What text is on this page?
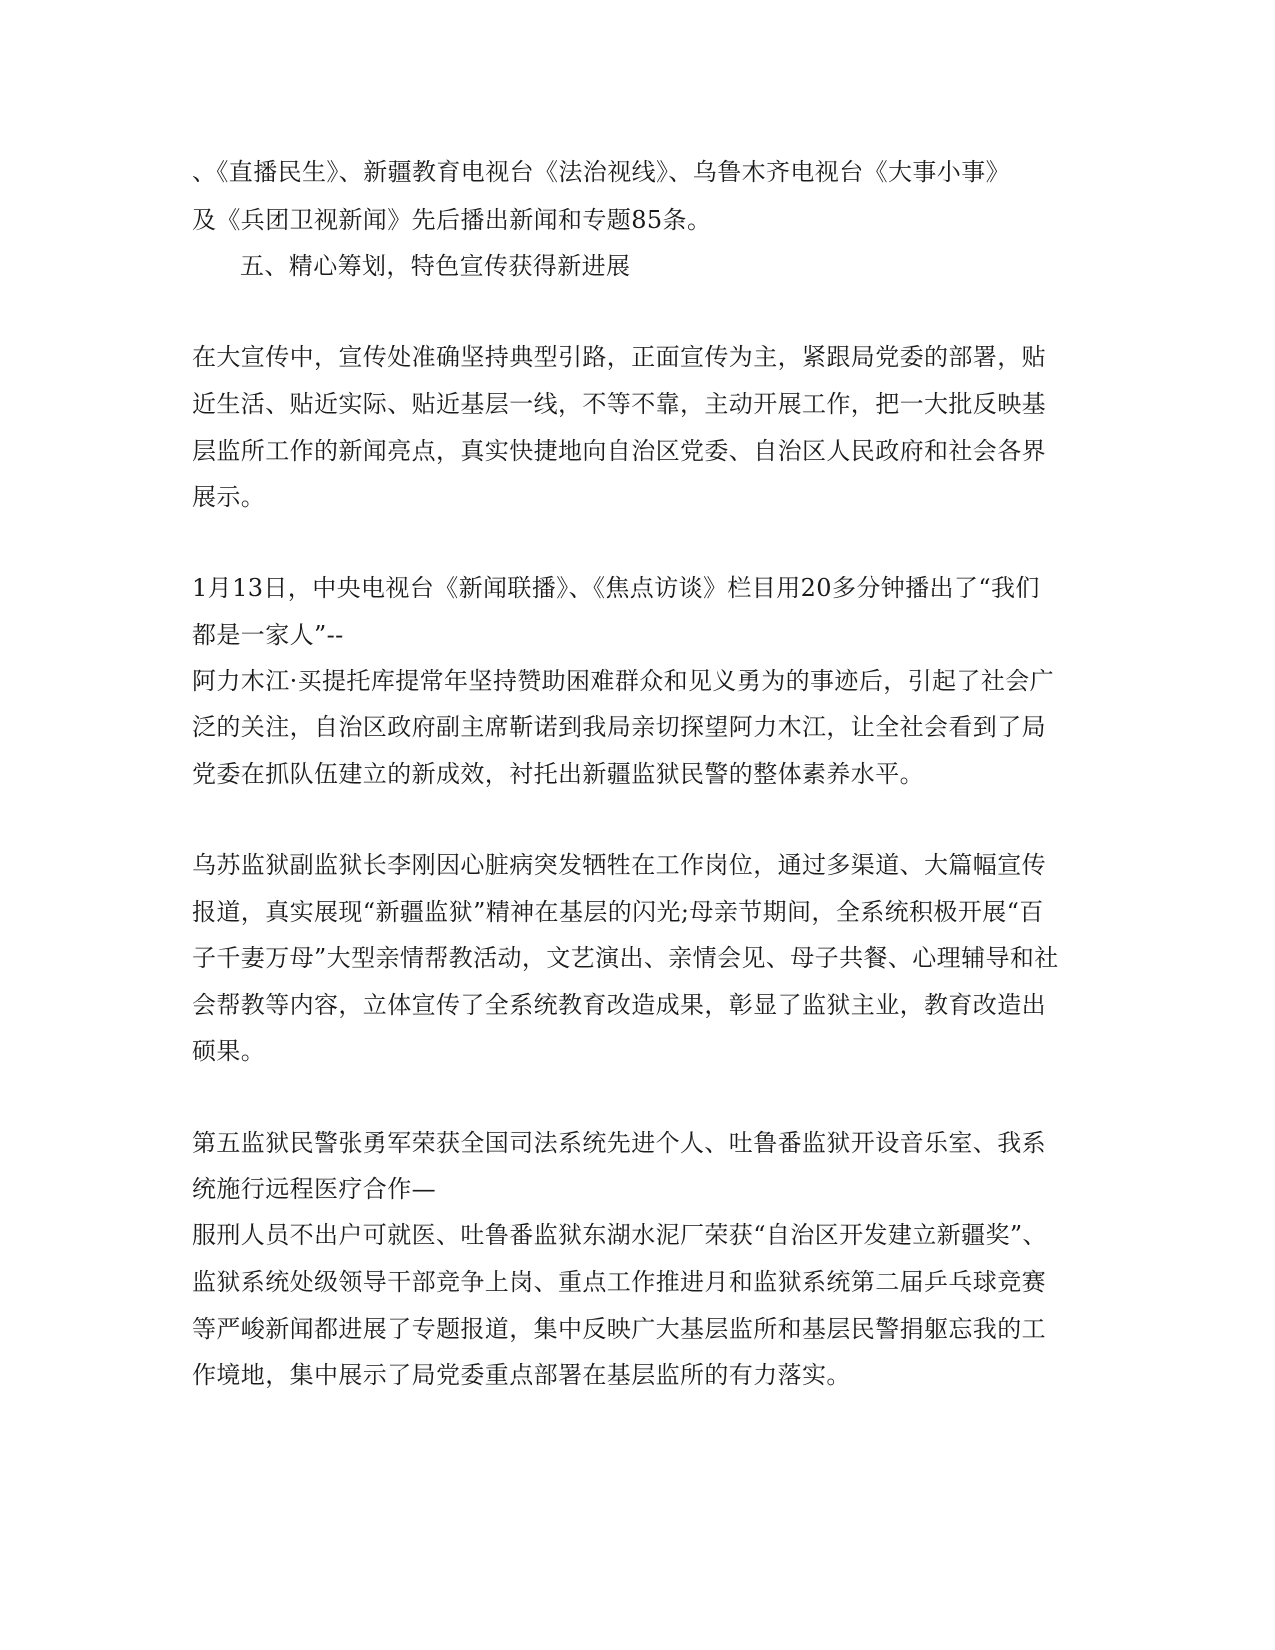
、《直播民生》、新疆教育电视台《法治视线》、乌鲁木齐电视台《大事小事》
及《兵团卫视新闻》先后播出新闻和专题85条。
五、精心筹划，特色宣传获得新进展
在大宣传中，宣传处准确坚持典型引路，正面宣传为主，紧跟局党委的部署，贴
近生活、贴近实际、贴近基层一线，不等不靠，主动开展工作，把一大批反映基
层监所工作的新闻亮点，真实快捷地向自治区党委、自治区人民政府和社会各界
展示。
1月13日，中央电视台《新闻联播》、《焦点访谈》栏目用20多分钟播出了“我们
都是一家人”--
阿力木江·买提托库提常年坚持赞助困难群众和见义勇为的事迹后，引起了社会广
泛的关注，自治区政府副主席靳诺到我局亲切探望阿力木江，让全社会看到了局
党委在抓队伍建立的新成效，衬托出新疆监狱民警的整体素养水平。
乌苏监狱副监狱长李刚因心脏病突发牺牲在工作岗位，通过多渠道、大篇幅宣传
报道，真实展现“新疆监狱”精神在基层的闪光;母亲节期间，全系统积极开展“百
子千妻万母”大型亲情帮教活动，文艺演出、亲情会见、母子共餐、心理辅导和社
会帮教等内容，立体宣传了全系统教育改造成果，彰显了监狱主业，教育改造出
硕果。
第五监狱民警张勇军荣获全国司法系统先进个人、吐鲁番监狱开设音乐室、我系
统施行远程医疗合作—
服刑人员不出户可就医、吐鲁番监狱东湖水泥厂荣获“自治区开发建立新疆奖”、
监狱系统处级领导干部竞争上岗、重点工作推进月和监狱系统第二届乒乓球竞赛
等严峻新闻都进展了专题报道，集中反映广大基层监所和基层民警捐躯忘我的工
作境地，集中展示了局党委重点部署在基层监所的有力落实。
